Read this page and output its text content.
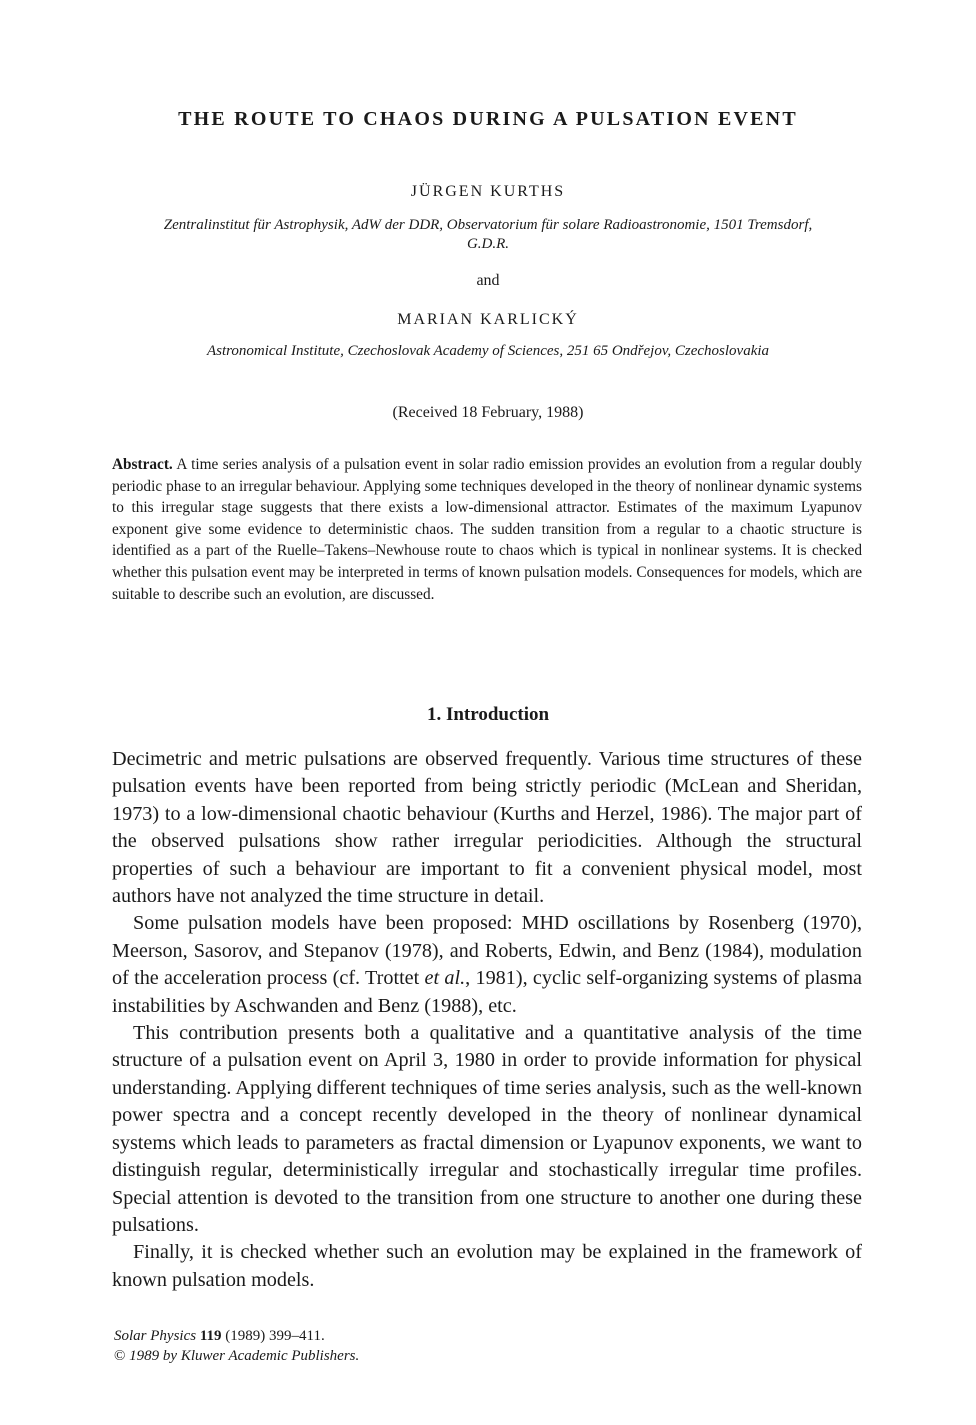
THE ROUTE TO CHAOS DURING A PULSATION EVENT
JÜRGEN KURTHS
Zentralinstitut für Astrophysik, AdW der DDR, Observatorium für solare Radioastronomie, 1501 Tremsdorf,
G.D.R.
and
MARIAN KARLICKÝ
Astronomical Institute, Czechoslovak Academy of Sciences, 251 65 Ondřejov, Czechoslovakia
(Received 18 February, 1988)
Abstract. A time series analysis of a pulsation event in solar radio emission provides an evolution from a regular doubly periodic phase to an irregular behaviour. Applying some techniques developed in the theory of nonlinear dynamic systems to this irregular stage suggests that there exists a low-dimensional attractor. Estimates of the maximum Lyapunov exponent give some evidence to deterministic chaos. The sudden transition from a regular to a chaotic structure is identified as a part of the Ruelle–Takens–Newhouse route to chaos which is typical in nonlinear systems. It is checked whether this pulsation event may be interpreted in terms of known pulsation models. Consequences for models, which are suitable to describe such an evolution, are discussed.
1. Introduction

Decimetric and metric pulsations are observed frequently. Various time structures of these pulsation events have been reported from being strictly periodic (McLean and Sheridan, 1973) to a low-dimensional chaotic behaviour (Kurths and Herzel, 1986). The major part of the observed pulsations show rather irregular periodicities. Although the structural properties of such a behaviour are important to fit a convenient physical model, most authors have not analyzed the time structure in detail.

Some pulsation models have been proposed: MHD oscillations by Rosenberg (1970), Meerson, Sasorov, and Stepanov (1978), and Roberts, Edwin, and Benz (1984), modulation of the acceleration process (cf. Trottet et al., 1981), cyclic self-organizing systems of plasma instabilities by Aschwanden and Benz (1988), etc.

This contribution presents both a qualitative and a quantitative analysis of the time structure of a pulsation event on April 3, 1980 in order to provide information for physical understanding. Applying different techniques of time series analysis, such as the well-known power spectra and a concept recently developed in the theory of nonlinear dynamical systems which leads to parameters as fractal dimension or Lyapunov exponents, we want to distinguish regular, deterministically irregular and stochastically irregular time profiles. Special attention is devoted to the transition from one structure to another one during these pulsations.

Finally, it is checked whether such an evolution may be explained in the framework of known pulsation models.

Solar Physics 119 (1989) 399–411.
© 1989 by Kluwer Academic Publishers.
